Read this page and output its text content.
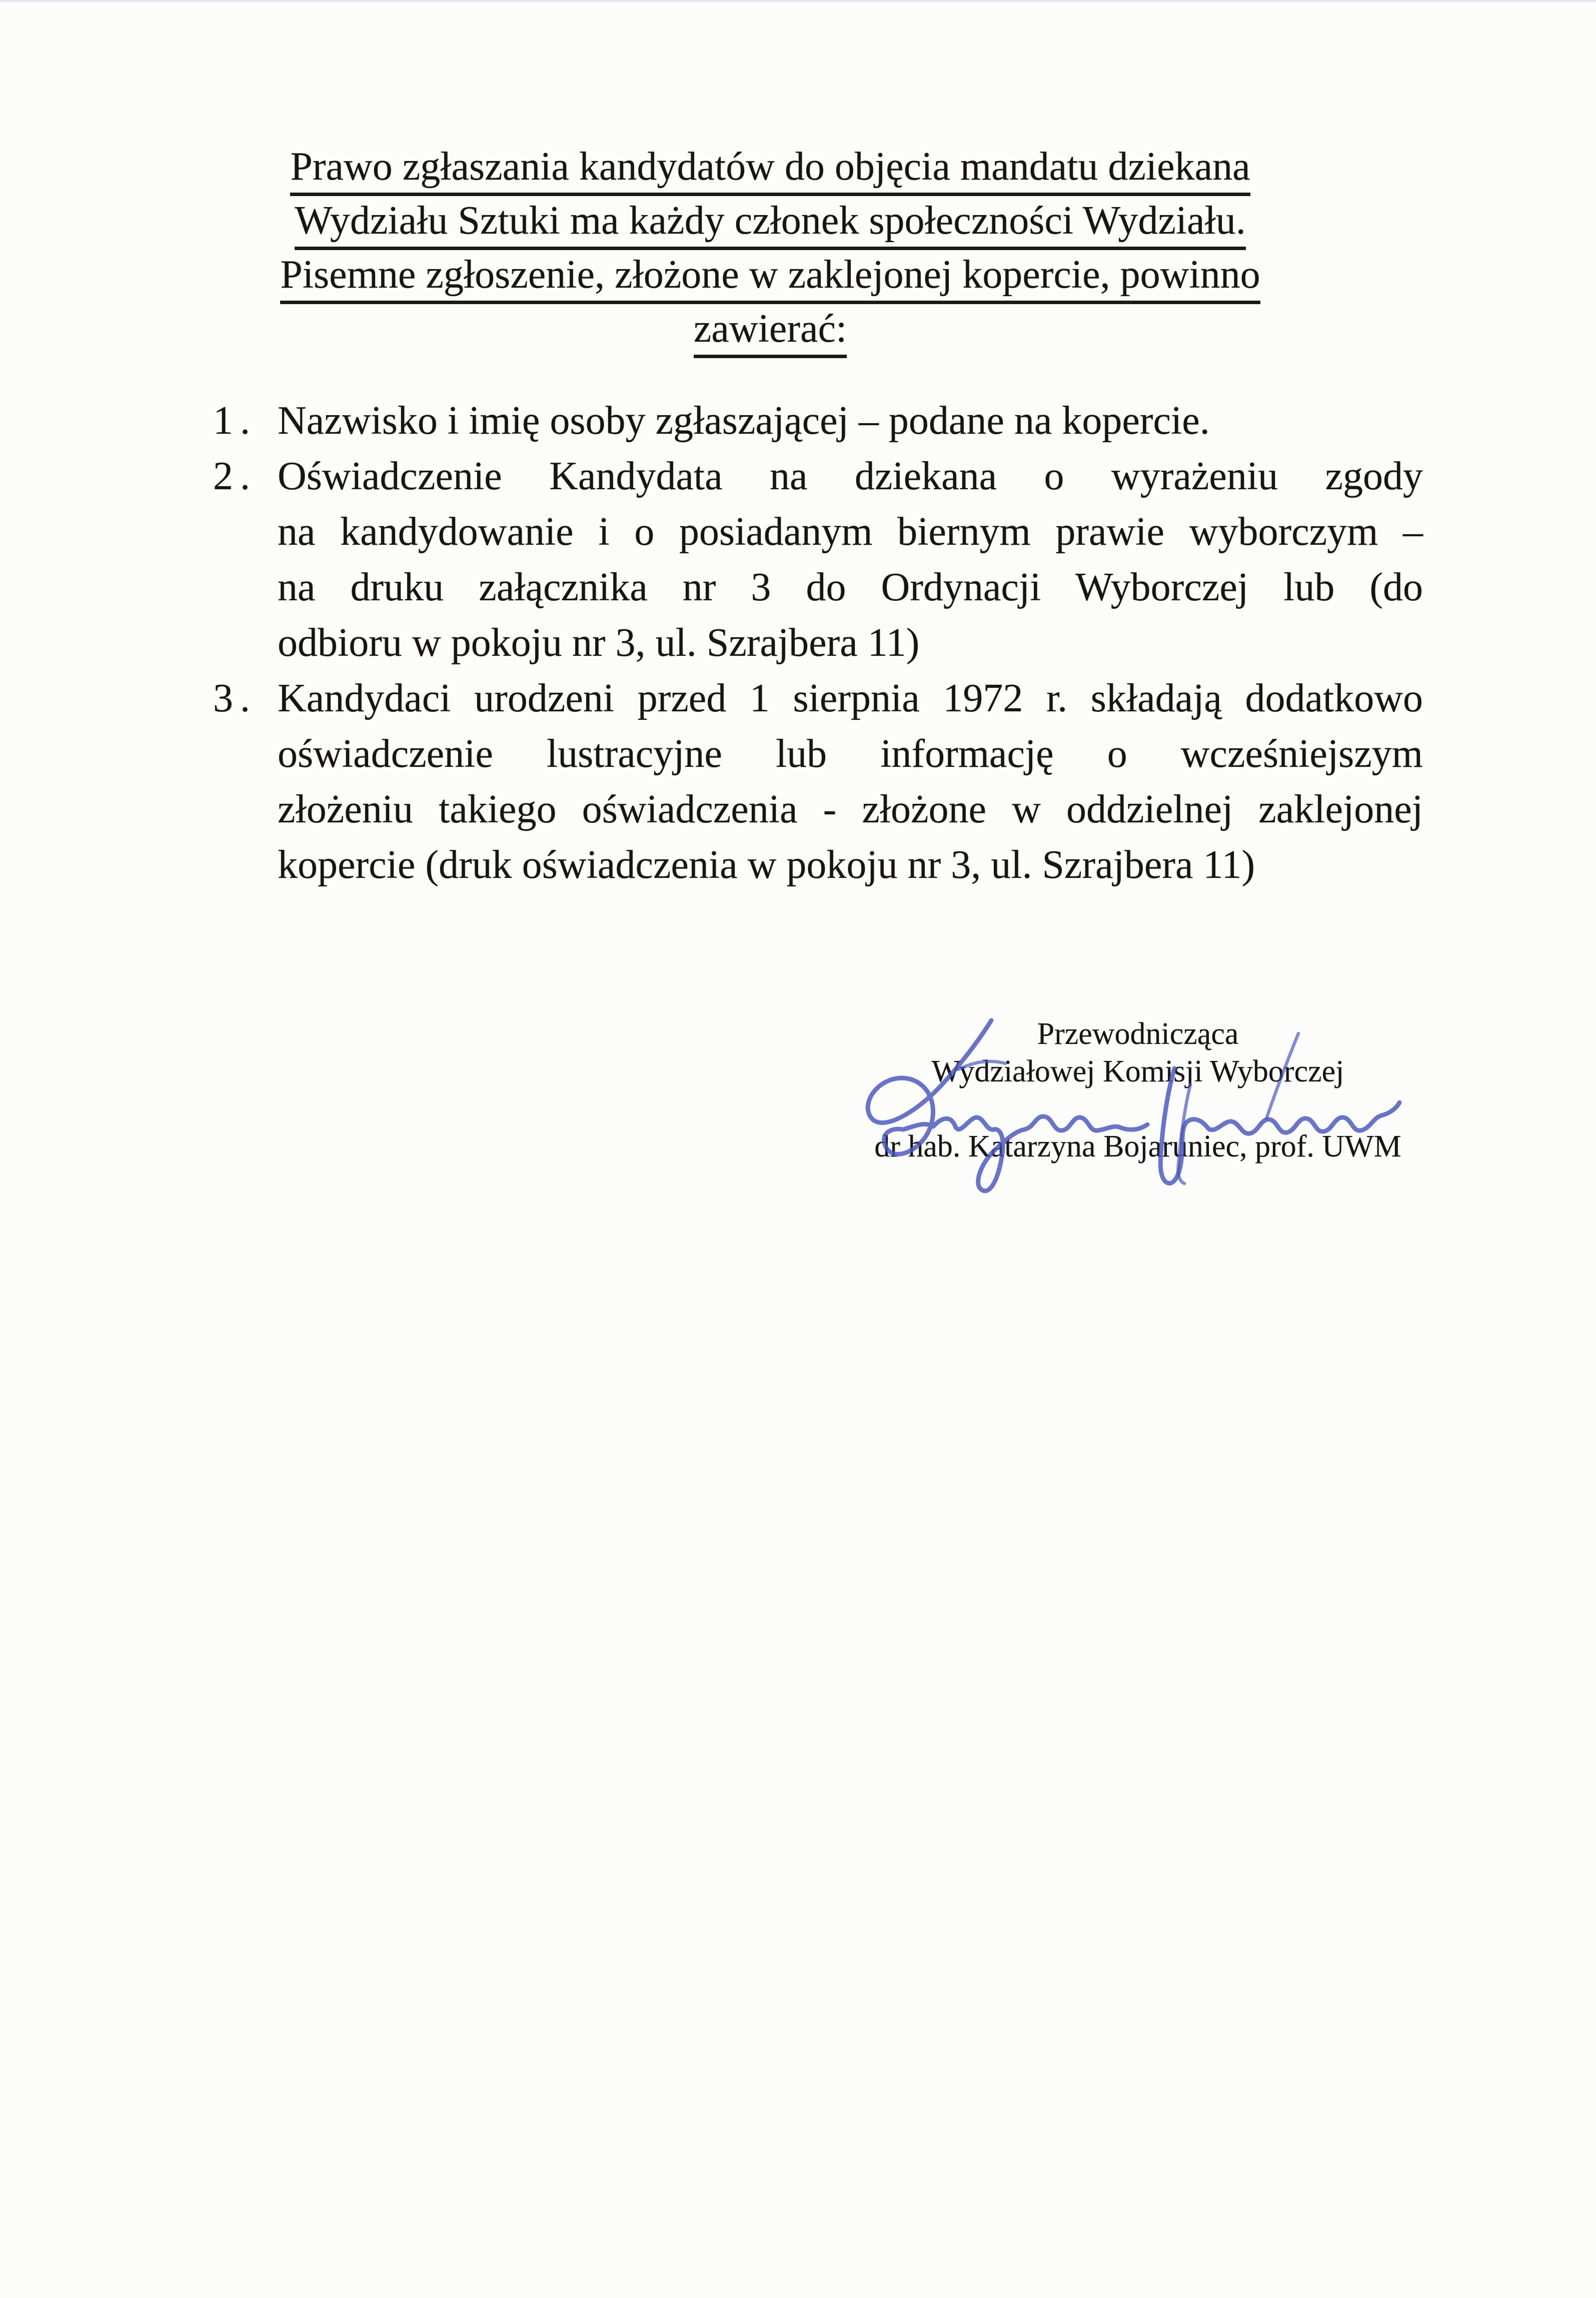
Prawo zgłaszania kandydatów do objęcia mandatu dziekana
Wydziału Sztuki ma każdy członek społeczności Wydziału.
Pisemne zgłoszenie, złożone w zaklejonej kopercie, powinno
zawierać:
1. Nazwisko i imię osoby zgłaszającej – podane na kopercie.
2. Oświadczenie Kandydata na dziekana o wyrażeniu zgody
na kandydowanie i o posiadanym biernym prawie wyborczym –
na druku załącznika nr 3 do Ordynacji Wyborczej lub (do
odbioru w pokoju nr 3, ul. Szrajbera 11)
3. Kandydaci urodzeni przed 1 sierpnia 1972 r. składają dodatkowo
oświadczenie lustracyjne lub informację o wcześniejszym
złożeniu takiego oświadczenia - złożone w oddzielnej zaklejonej
kopercie (druk oświadczenia w pokoju nr 3, ul. Szrajbera 11)
Przewodnicząca
Wydziałowej Komisji Wyborczej
dr hab. Katarzyna Bojaruniec, prof. UWM
